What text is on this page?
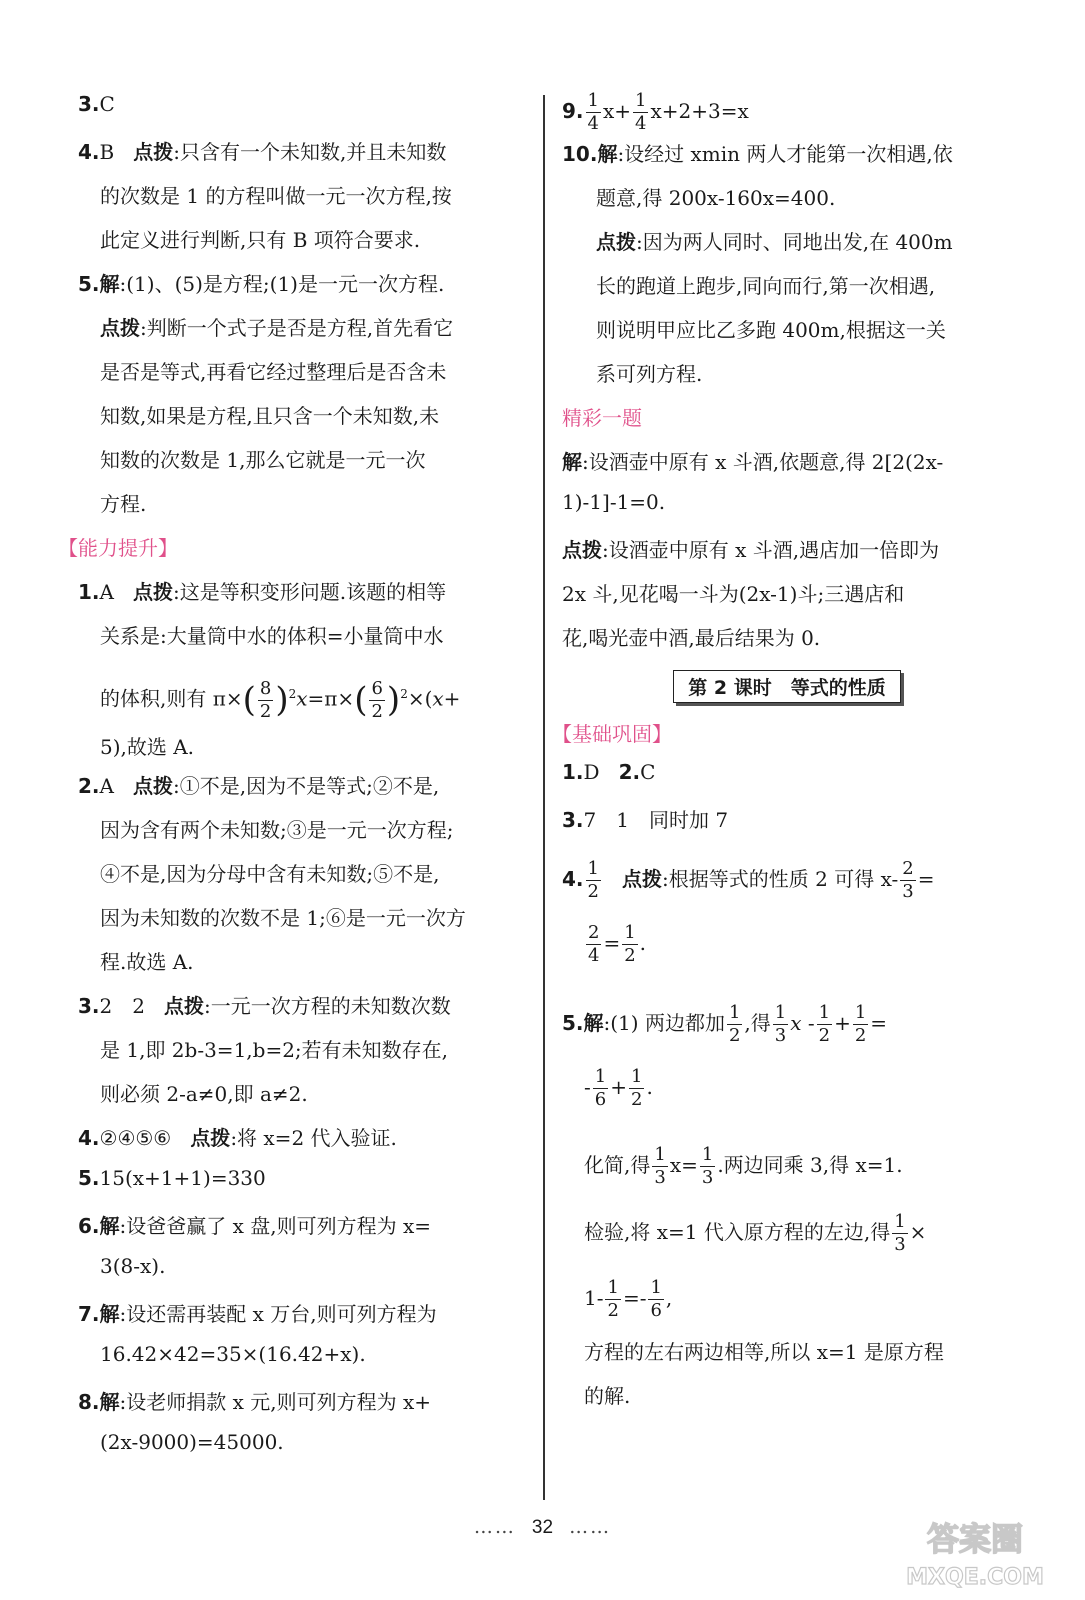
3.C
4.B 点拨:只含有一个未知数,并且未知数
的次数是 1 的方程叫做一元一次方程,按
此定义进行判断,只有 B 项符合要求.
5.解:(1)、(5)是方程;(1)是一元一次方程.
点拨:判断一个式子是否是方程,首先看它
是否是等式,再看它经过整理后是否含未
知数,如果是方程,且只含一个未知数,未
知数的次数是 1,那么它就是一元一次
方程.
【能力提升】
1.A 点拨:这是等积变形问题.该题的相等
关系是:大量筒中水的体积=小量筒中水
的体积,则有 $\pi\times( \frac{8}{2} )^2x=\pi\times( \frac{6}{2} )^2\times(x+$
5),故选 A.
2.A 点拨:①不是,因为不是等式;②不是,
因为含有两个未知数;③是一元一次方程;
④不是,因为分母中含有未知数;⑤不是,
因为未知数的次数不是 1;⑥是一元一次方
程.故选 A.
3.2　2 点拨:一元一次方程的未知数次数
是 1,即 2b-3=1,b=2;若有未知数存在,
则必须 2-a≠0,即 a≠2.
4.②④⑤⑥ 点拨:将 x=2 代入验证.
5.15(x+1+1)=330
6.解:设爸爸赢了 x 盘,则可列方程为 x=
3(8-x).
7.解:设还需再装配 x 万台,则可列方程为
16.42×42=35×(16.42+x).
8.解:设老师捐款 x 元,则可列方程为 x+
(2x-9000)=45000.
9. $\frac{1}{4} x+ \frac{1}{4} x+2+3=x$
10.解:设经过 xmin 两人才能第一次相遇,依
题意,得 200x-160x=400.
点拨:因为两人同时、同地出发,在 400m
长的跑道上跑步,同向而行,第一次相遇,
则说明甲应比乙多跑 400m,根据这一关
系可列方程.
精彩一题
解:设酒壶中原有 x 斗酒,依题意,得 2[2(2x-
1)-1]-1=0.
点拨:设酒壶中原有 x 斗酒,遇店加一倍即为
2x 斗,见花喝一斗为(2x-1)斗;三遇店和
花,喝光壶中酒,最后结果为 0.
第 2 课时　等式的性质
【基础巩固】
1.D 2.C
3.7　1　同时加 7
4. $\frac{1}{2}$ 点拨:根据等式的性质 2 可得 $x- \frac{2}{3}$ =
$\frac{2}{4} = \frac{1}{2}$ .
5.解:(1) 两边都加 $\frac{1}{2}$ ,得 $\frac{1}{3}$ $x - \frac{1}{2} + \frac{1}{2}$ =
- $\frac{1}{6} + \frac{1}{2}$ .
化简,得 $\frac{1}{3} x= \frac{1}{3}$ .两边同乘 3,得 x=1.
检验,将 x=1 代入原方程的左边,得 $\frac{1}{3}$ ×
$1- \frac{1}{2} =- \frac{1}{6}$ ,
方程的左右两边相等,所以 x=1 是原方程
的解.
…… 32 ……	答案圈
MXQE.COM
